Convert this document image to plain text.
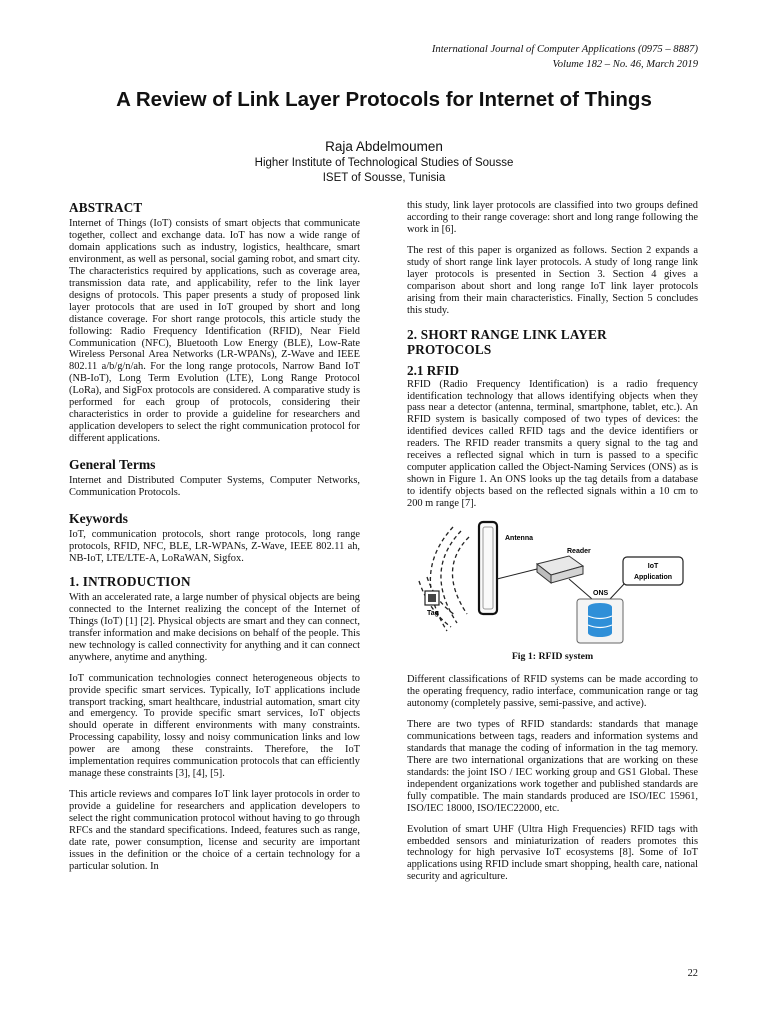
International Journal of Computer Applications (0975 – 8887)
Volume 182 – No. 46, March 2019
A Review of Link Layer Protocols for Internet of Things
Raja Abdelmoumen
Higher Institute of Technological Studies of Sousse
ISET of Sousse, Tunisia
ABSTRACT

Internet of Things (IoT) consists of smart objects that communicate together, collect and exchange data. IoT has now a wide range of domain applications such as industry, logistics, healthcare, smart environment, as well as personal, social gaming robot, and smart city. The characteristics required by applications, such as coverage area, transmission data rate, and applicability, refer to the link layer designs of protocols. This paper presents a study of proposed link layer protocols that are used in IoT grouped by short and long distance coverage. For short range protocols, this article study the following: Radio Frequency Identification (RFID), Near Field Communication (NFC), Bluetooth Low Energy (BLE), Low-Rate Wireless Personal Area Networks (LR-WPANs), Z-Wave and IEEE 802.11 a/b/g/n/ah. For the long range protocols, Narrow Band IoT (NB-IoT), Long Term Evolution (LTE), Long Range Protocol (LoRa), and SigFox protocols are considered. A comparative study is performed for each group of protocols, considering their characteristics in order to provide a guideline for researchers and application developers to select the right communication protocol for different applications.

General Terms

Internet and Distributed Computer Systems, Computer Networks, Communication Protocols.

Keywords

IoT, communication protocols, short range protocols, long range protocols, RFID, NFC, BLE, LR-WPANs, Z-Wave, IEEE 802.11 ah, NB-IoT, LTE/LTE-A, LoRaWAN, Sigfox.

1. INTRODUCTION

With an accelerated rate, a large number of physical objects are being connected to the Internet realizing the concept of the Internet of Things (IoT) [1] [2]. Physical objects are smart and they can connect, transfer information and make decisions on behalf of the people. This new technology is called connectivity for anything and it can connect anywhere, anytime and anything.

IoT communication technologies connect heterogeneous objects to provide specific smart services. Typically, IoT applications include transport tracking, smart healthcare, industrial automation, smart city and emergency. To provide specific smart services, IoT objects should operate in different environments with many constraints. Processing capability, lossy and noisy communication links and low power are among these constraints. Therefore, the IoT implementation requires communication protocols that can efficiently manage these constraints [3], [4], [5].

This article reviews and compares IoT link layer protocols in order to provide a guideline for researchers and application developers to select the right communication protocol without having to go through RFCs and the standard specifications. Indeed, features such as range, date rate, power consumption, license and security are important issues in the definition or the choice of a certain technology for a particular solution. In

this study, link layer protocols are classified into two groups defined according to their range coverage: short and long range following the work in [6].

The rest of this paper is organized as follows. Section 2 expands a study of short range link layer protocols. A study of long range link layer protocols is presented in Section 3. Section 4 gives a comparison about short and long range IoT link layer protocols arising from their main characteristics. Finally, Section 5 concludes this study.

2. SHORT RANGE LINK LAYER
PROTOCOLS
2.1 RFID

RFID (Radio Frequency Identification) is a radio frequency identification technology that allows identifying objects when they pass near a detector (antenna, terminal, smartphone, tablet, etc.). An RFID system is basically composed of two types of devices: the identified devices called RFID tags and the device identifiers or readers. The RFID reader transmits a query signal to the tag and receives a reflected signal which in turn is passed to a specific computer application called the Object-Naming Services (ONS) as is shown in Figure 1. An ONS looks up the tag details from a database to identify objects based on the reflected signals within a 10 cm to 200 m range [7].

Antenna
Reader
IoT
Application
ONS
Tag
Fig 1: RFID system

Different classifications of RFID systems can be made according to the operating frequency, radio interface, communication range or tag autonomy (completely passive, semi-passive, and active).

There are two types of RFID standards: standards that manage communications between tags, readers and information systems and standards that manage the coding of information in the tag memory. There are two international organizations that are working on these standards: the joint ISO / IEC working group and GS1 Global. These independent organizations work together and published standards are fully compatible. The main standards produced are ISO/IEC 15961, ISO/IEC 18000, ISO/IEC22000, etc.

Evolution of smart UHF (Ultra High Frequencies) RFID tags with embedded sensors and miniaturization of readers promotes this technology for high pervasive IoT ecosystems [8]. Some of IoT applications using RFID include smart shopping, health care, national security and agriculture.

22
